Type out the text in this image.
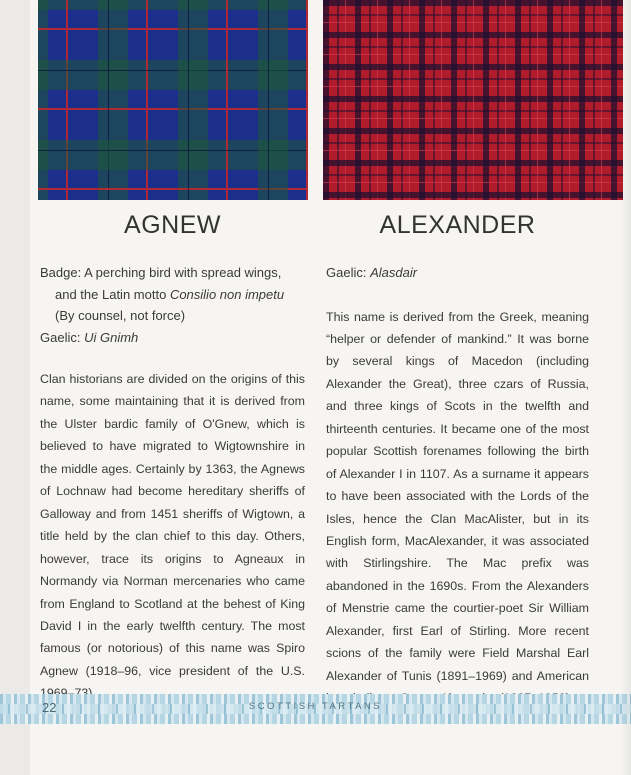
AGNEW
Badge: A perching bird with spread wings,
and the Latin motto Consilio non impetu
(By counsel, not force)
Gaelic: Ui Gnimh

Clan historians are divided on the origins of this name, some maintaining that it is derived from the Ulster bardic family of O'Gnew, which is believed to have migrated to Wigtownshire in the middle ages. Certainly by 1363, the Agnews of Lochnaw had become hereditary sheriffs of Galloway and from 1451 sheriffs of Wigtown, a title held by the clan chief to this day. Others, however, trace its origins to Agneaux in Normandy via Norman mercenaries who came from England to Scotland at the behest of King David I in the early twelfth century. The most famous (or notorious) of this name was Spiro Agnew (1918–96, vice president of the U.S.

ALEXANDER
Gaelic: Alasdair

This name is derived from the Greek, meaning “helper or defender of mankind.” It was borne by several kings of Macedon (including Alexander the Great), three czars of Russia, and three kings of Scots in the twelfth and thirteenth centuries. It became one of the most popular Scottish forenames following the birth of Alexander I in 1107. As a surname it appears to have been associated with the Lords of the Isles, hence the Clan MacAlister, but in its English form, MacAlexander, it was associated with Stirlingshire. The Mac prefix was abandoned in the 1690s. From the Alexanders of Menstrie came the courtier-poet Sir William Alexander, first Earl of Stirling. More recent scions of the family were Field Marshal Earl Alexander of Tunis (1891–1969) and American

22	SCOTTISH TARTANS
